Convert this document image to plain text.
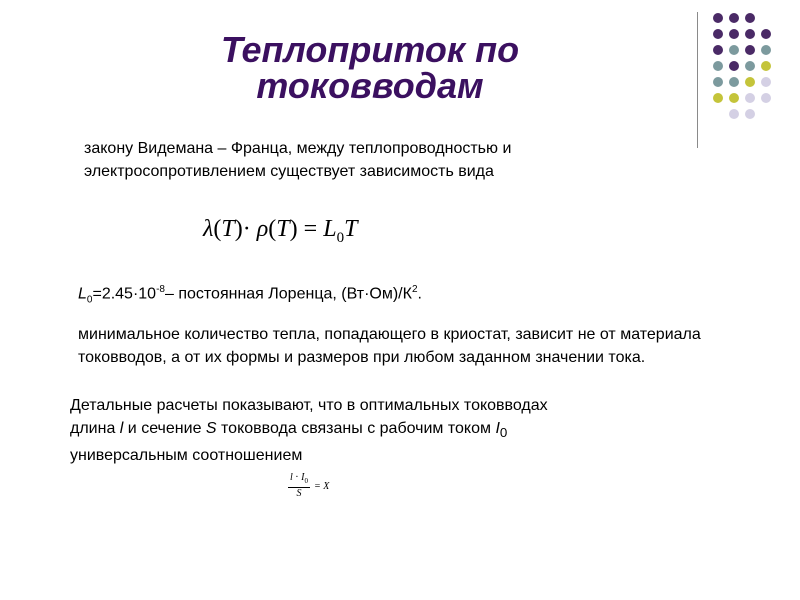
Теплоприток по
токовводам
закону Видемана – Франца, между теплопроводностью и
электросопротивлением существует зависимость вида
$\lambda(T)\cdot \rho(T) = L_0T$
$L_0=2.45\cdot 10^{-8}-$ постоянная Лоренца, $(Вт\cdot Ом)/К^2$.
минимальное количество тепла, попадающего в криостат, зависит не от материала токовводов, а от их формы и размеров при любом заданном значении тока.
Детальные расчеты показывают, что в оптимальных токовводах
длина l и сечение S токоввода связаны с рабочим током $I_0$
универсальным соотношением
$\frac{l \cdot I_0}{S} = X$
